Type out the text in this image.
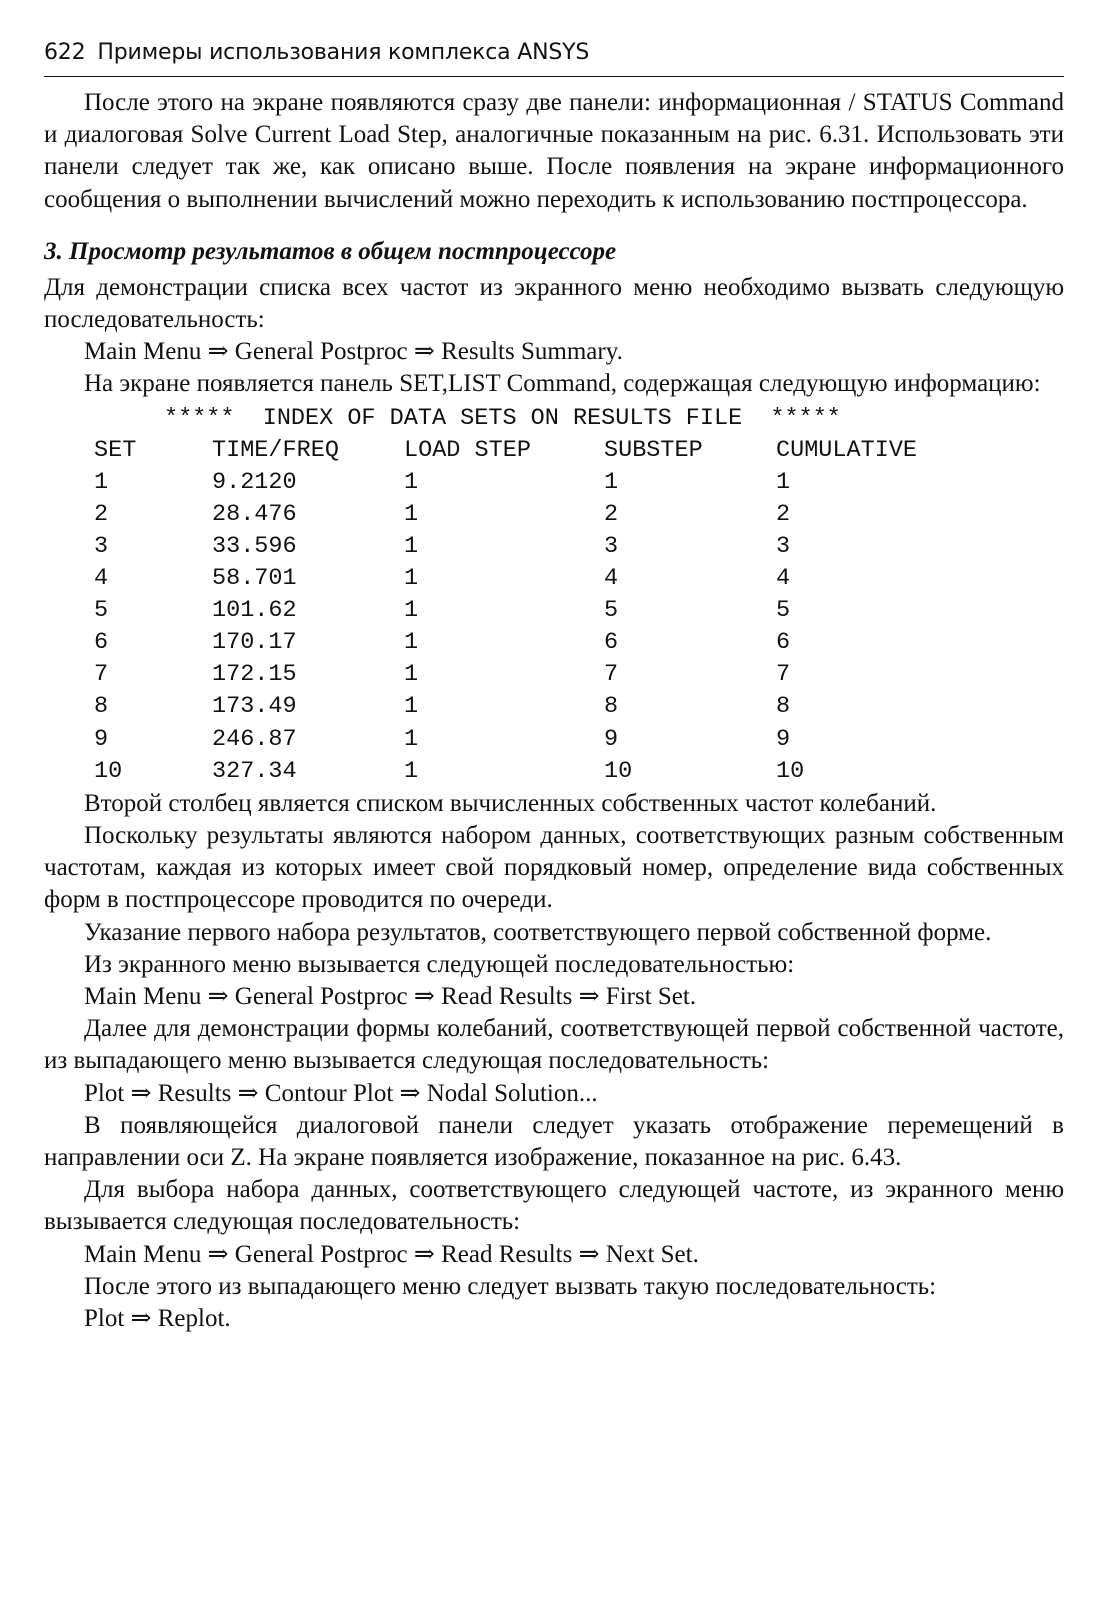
622 Примеры использования комплекса ANSYS

После этого на экране появляются сразу две панели: информационная / STATUS Command и диалоговая Solve Current Load Step, аналогичные показанным на рис. 6.31. Использовать эти панели следует так же, как описано выше. После появления на экране информационного сообщения о выполнении вычислений можно переходить к использованию постпроцессора.

3. Просмотр результатов в общем постпроцессоре

Для демонстрации списка всех частот из экранного меню необходимо вызвать следующую последовательность:

Main Menu ⇒ General Postproc ⇒ Results Summary.

На экране появляется панель SET,LIST Command, содержащая следующую информацию:

*****  INDEX OF DATA SETS ON RESULTS FILE  *****
SET	TIME/FREQ	LOAD STEP	SUBSTEP	CUMULATIVE
1	9.2120	1	1	1
2	28.476	1	2	2
3	33.596	1	3	3
4	58.701	1	4	4
5	101.62	1	5	5
6	170.17	1	6	6
7	172.15	1	7	7
8	173.49	1	8	8
9	246.87	1	9	9
10	327.34	1	10	10

Второй столбец является списком вычисленных собственных частот колебаний.

Поскольку результаты являются набором данных, соответствующих разным собственным частотам, каждая из которых имеет свой порядковый номер, определение вида собственных форм в постпроцессоре проводится по очереди.

Указание первого набора результатов, соответствующего первой собственной форме.

Из экранного меню вызывается следующей последовательностью:

Main Menu ⇒ General Postproc ⇒ Read Results ⇒ First Set.

Далее для демонстрации формы колебаний, соответствующей первой собственной частоте, из выпадающего меню вызывается следующая последовательность:

Plot ⇒ Results ⇒ Contour Plot ⇒ Nodal Solution...

В появляющейся диалоговой панели следует указать отображение перемещений в направлении оси Z. На экране появляется изображение, показанное на рис. 6.43.

Для выбора набора данных, соответствующего следующей частоте, из экранного меню вызывается следующая последовательность:

Main Menu ⇒ General Postproc ⇒ Read Results ⇒ Next Set.

После этого из выпадающего меню следует вызвать такую последовательность:

Plot ⇒ Replot.
